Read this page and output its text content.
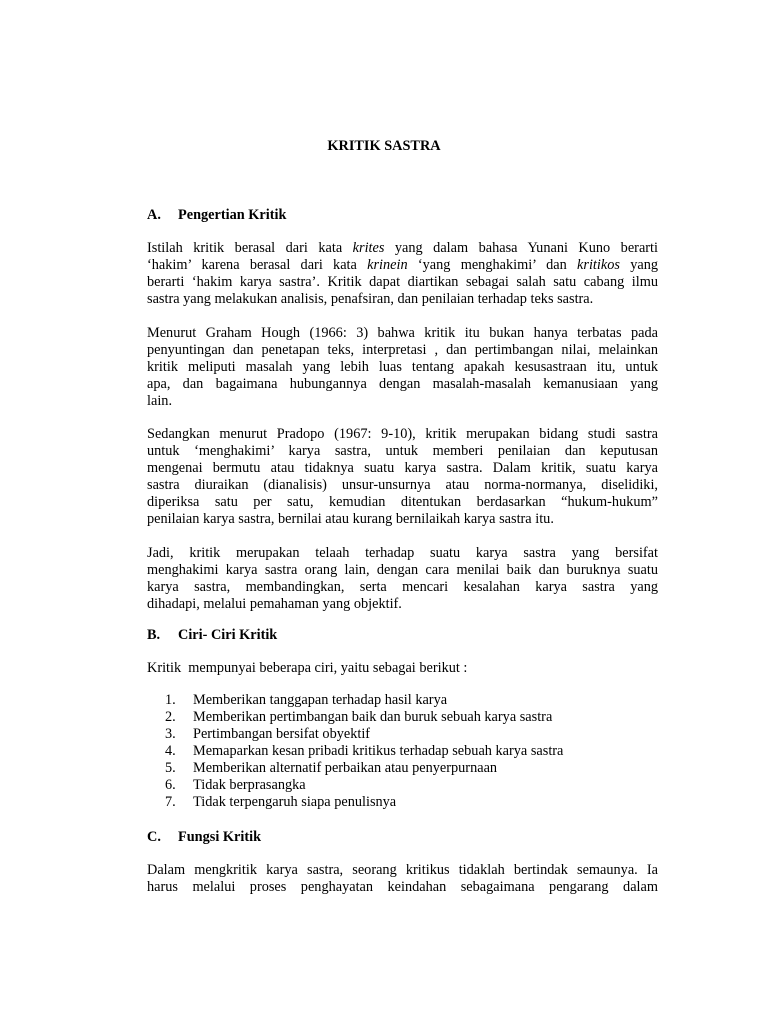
KRITIK SASTRA
A. Pengertian Kritik
Istilah kritik berasal dari kata krites yang dalam bahasa Yunani Kuno berarti
‘hakim’ karena berasal dari kata krinein ‘yang menghakimi’ dan kritikos yang
berarti ‘hakim karya sastra’. Kritik dapat diartikan sebagai salah satu cabang ilmu
sastra yang melakukan analisis, penafsiran, dan penilaian terhadap teks sastra.
Menurut Graham Hough (1966: 3) bahwa kritik itu bukan hanya terbatas pada
penyuntingan dan penetapan teks, interpretasi , dan pertimbangan nilai, melainkan
kritik meliputi masalah yang lebih luas tentang apakah kesusastraan itu, untuk
apa, dan bagaimana hubungannya dengan masalah-masalah kemanusiaan yang
lain.
Sedangkan menurut Pradopo (1967: 9-10), kritik merupakan bidang studi sastra
untuk ‘menghakimi’ karya sastra, untuk memberi penilaian dan keputusan
mengenai bermutu atau tidaknya suatu karya sastra. Dalam kritik, suatu karya
sastra diuraikan (dianalisis) unsur-unsurnya atau norma-normanya, diselidiki,
diperiksa satu per satu, kemudian ditentukan berdasarkan “hukum-hukum”
penilaian karya sastra, bernilai atau kurang bernilaikah karya sastra itu.
Jadi, kritik merupakan telaah terhadap suatu karya sastra yang bersifat
menghakimi karya sastra orang lain, dengan cara menilai baik dan buruknya suatu
karya sastra, membandingkan, serta mencari kesalahan karya sastra yang
dihadapi, melalui pemahaman yang objektif.
B. Ciri- Ciri Kritik
Kritik  mempunyai beberapa ciri, yaitu sebagai berikut :
1. Memberikan tanggapan terhadap hasil karya
2. Memberikan pertimbangan baik dan buruk sebuah karya sastra
3. Pertimbangan bersifat obyektif
4. Memaparkan kesan pribadi kritikus terhadap sebuah karya sastra
5. Memberikan alternatif perbaikan atau penyerpurnaan
6. Tidak berprasangka
7. Tidak terpengaruh siapa penulisnya
C. Fungsi Kritik
Dalam mengkritik karya sastra, seorang kritikus tidaklah bertindak semaunya. Ia
harus melalui proses penghayatan keindahan sebagaimana pengarang dalam
